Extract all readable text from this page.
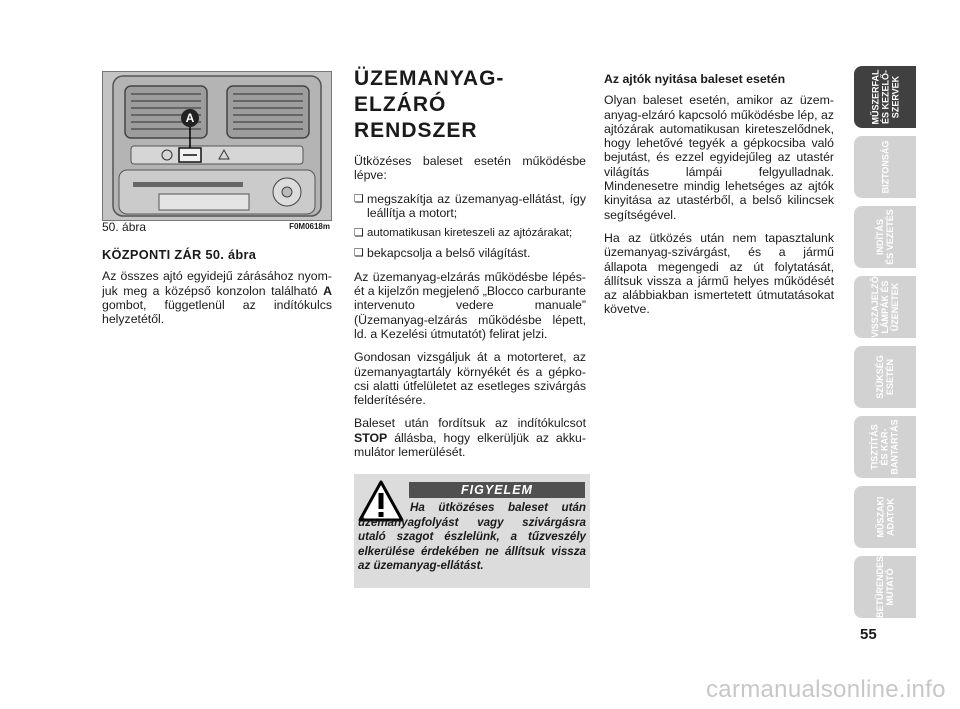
A
50. ábra	F0M0618m
KÖZPONTI ZÁR 50. ábra

Az összes ajtó egyidejű zárásához nyomjuk meg a középső konzolon található A gombot, függetlenül az indítókulcs helyzetétől.

ÜZEMANYAG-ELZÁRÓ
RENDSZER

Ütközéses baleset esetén működésbe lépve:

❏ megszakítja az üzemanyag-ellátást, így leállítja a motort;
❏ automatikusan kireteszeli az ajtózárakat;
❏ bekapcsolja a belső világítást.

Az üzemanyag-elzárás működésbe lépését a kijelzőn megjelenő „Blocco carburante intervenuto vedere manuale” (Üzemanyag-elzárás működésbe lépett, ld. a Kezelési útmutatót) felirat jelzi.

Gondosan vizsgáljuk át a motorteret, az üzemanyagtartály környékét és a gépkocsi alatti útfelületet az esetleges szivárgás felderítésére.

Baleset után fordítsuk az indítókulcsot STOP állásba, hogy elkerüljük az akkumulátor lemerülését.

FIGYELEM
Ha ütközéses baleset után üzemanyagfolyást vagy szivárgásra utaló szagot észlelünk, a tűzveszély elkerülése érdekében ne állítsuk vissza az üzemanyag-ellátást.
Az ajtók nyitása baleset esetén

Olyan baleset esetén, amikor az üzemanyag-elzáró kapcsoló működésbe lép, az ajtózárak automatikusan kireteszelődnek, hogy lehetővé tegyék a gépkocsiba való bejutást, és ezzel egyidejűleg az utastér világítás lámpái felgyulladnak. Mindenesetre mindig lehetséges az ajtók kinyitása az utastérből, a belső kilincsek segítségével.

Ha az ütközés után nem tapasztalunk üzemanyag-szivárgást, és a jármű állapota megengedi az út folytatását, állítsuk vissza a jármű helyes működését az alábbiakban ismertetett útmutatásokat követve.

MŰSZERFAL
ÉS KEZELŐ-
SZERVEK
BIZTONSÁG
INDÍTÁS
ÉS VEZETÉS
VISSZAJELZŐ
LÁMPÁK ÉS
ÜZENETEK
SZÜKSÉG
ESETÉN
TISZTÍTÁS
ÉS KAR-
BANTARTÁS
MŰSZAKI
ADATOK
BETŰRENDES
MUTATÓ
55
carmanualsonline.info
